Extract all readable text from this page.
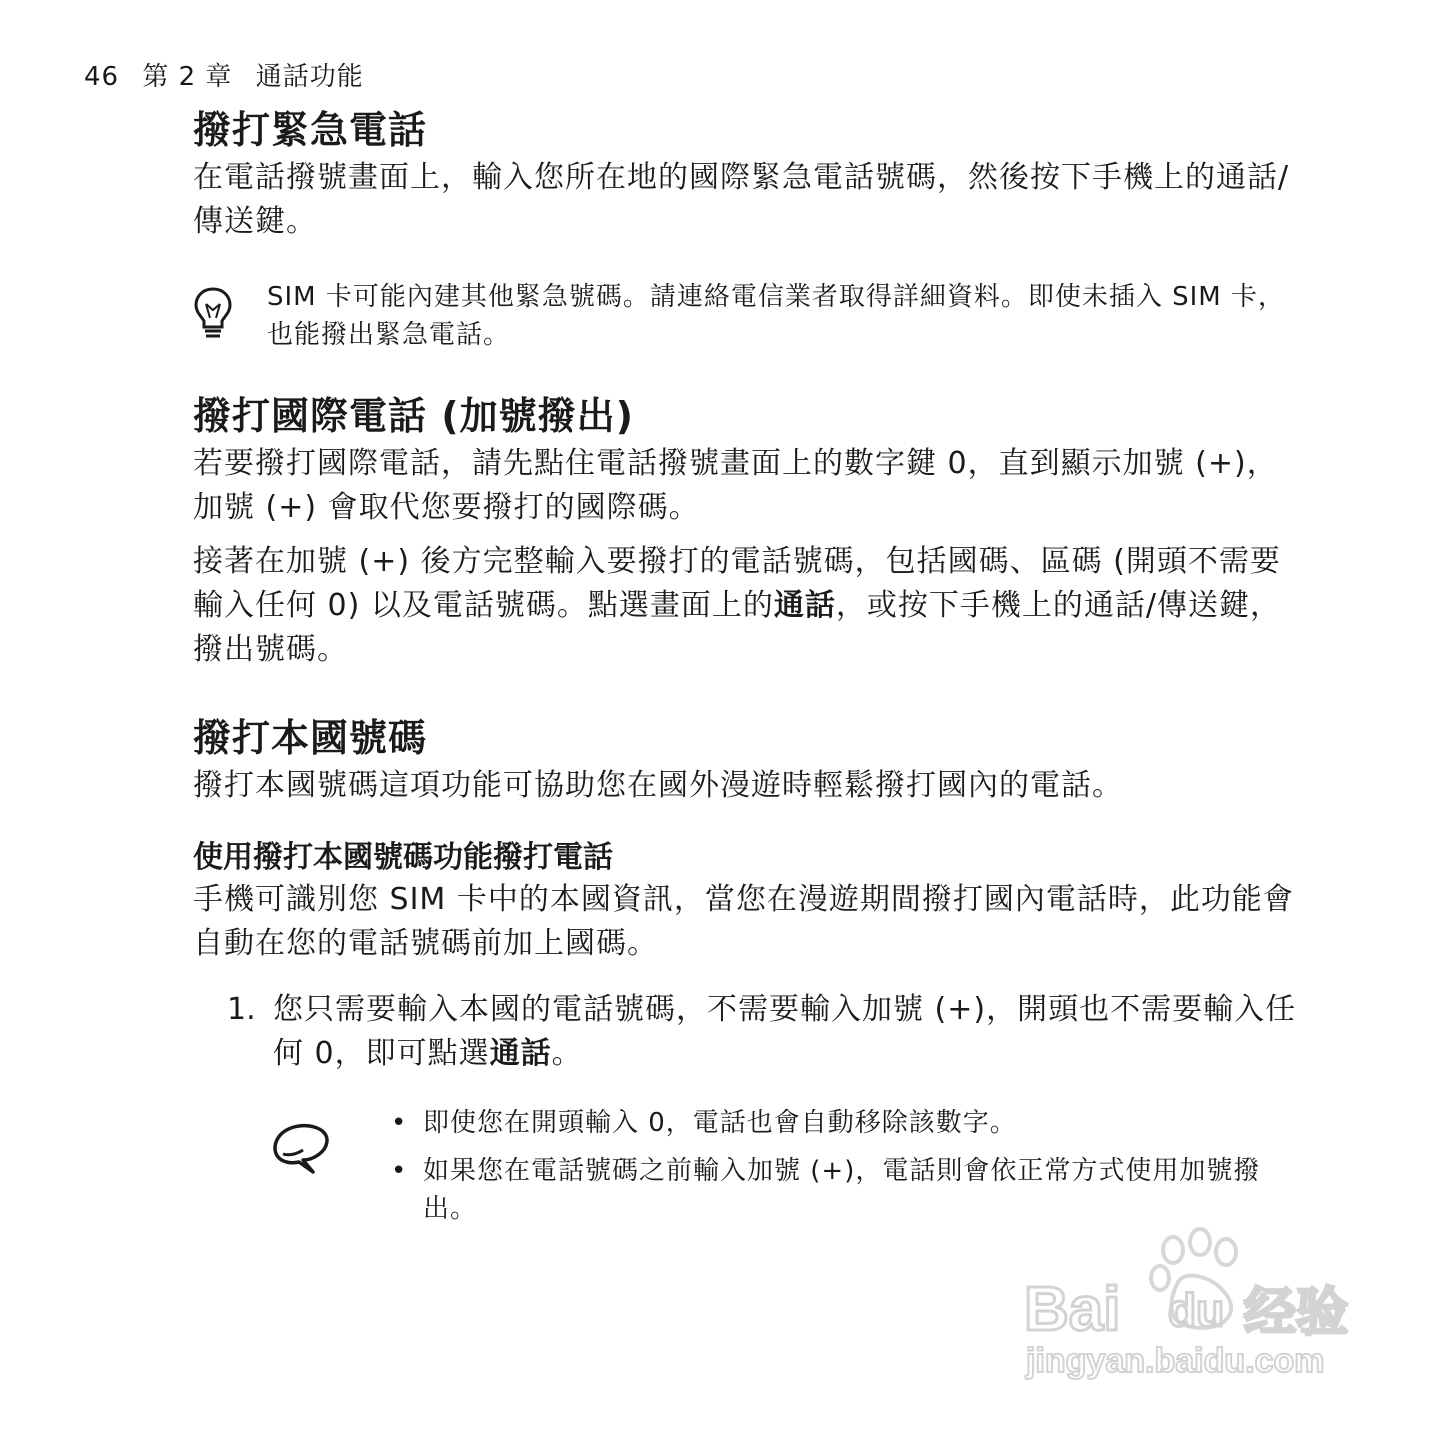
46 第 2 章 通話功能
撥打緊急電話

在電話撥號畫面上，輸入您所在地的國際緊急電話號碼，然後按下手機上的通話/傳送鍵。

SIM 卡可能內建其他緊急號碼。請連絡電信業者取得詳細資料。即使未插入 SIM 卡，也能撥出緊急電話。

撥打國際電話 (加號撥出)

若要撥打國際電話，請先點住電話撥號畫面上的數字鍵 0，直到顯示加號 (+)，加號 (+) 會取代您要撥打的國際碼。

接著在加號 (+) 後方完整輸入要撥打的電話號碼，包括國碼、區碼 (開頭不需要輸入任何 0) 以及電話號碼。點選畫面上的通話，或按下手機上的通話/傳送鍵，撥出號碼。

撥打本國號碼

撥打本國號碼這項功能可協助您在國外漫遊時輕鬆撥打國內的電話。

使用撥打本國號碼功能撥打電話

手機可識別您 SIM 卡中的本國資訊，當您在漫遊期間撥打國內電話時，此功能會自動在您的電話號碼前加上國碼。

1. 您只需要輸入本國的電話號碼，不需要輸入加號 (+)，開頭也不需要輸入任何 0，即可點選通話。

• 即使您在開頭輸入 0，電話也會自動移除該數字。
• 如果您在電話號碼之前輸入加號 (+)，電話則會依正常方式使用加號撥出。
Bai du 经验
jingyan.baidu.com
